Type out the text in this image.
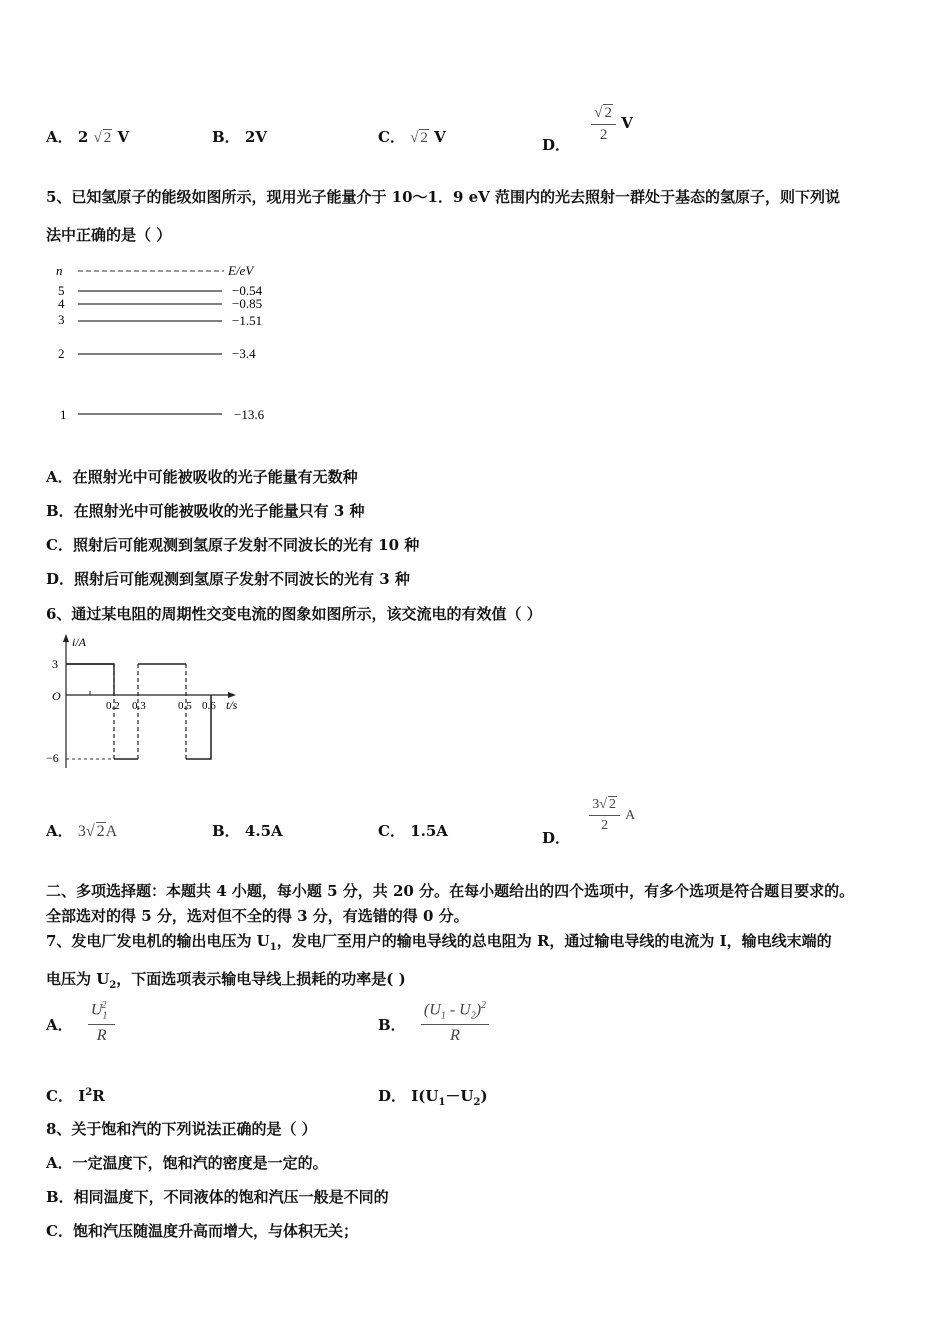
A． 2 √ 2 V	B． 2V	C． √ 2 V	D．
$\frac{√ 2}{2}$ V
5、已知氢原子的能级如图所示，现用光子能量介于 10～1．9 eV 范围内的光去照射一群处于基态的氢原子，则下列说
法中正确的是（ ）
n	E/eV
5	−0.54
4	−0.85
3	−1.51
2	−3.4
1	−13.6
A．在照射光中可能被吸收的光子能量有无数种
B．在照射光中可能被吸收的光子能量只有 3 种
C．照射后可能观测到氢原子发射不同波长的光有 10 种
D．照射后可能观测到氢原子发射不同波长的光有 3 种
6、通过某电阻的周期性交变电流的图象如图所示，该交流电的有效值（ ）
i/A
t/s
O
3
−6
0.2 0.3	0.5 0.6
A． 3√ 2A	B． 4.5A	C． 1.5A	D．
$\frac{3√ 2}{2}$ A
二、多项选择题：本题共 4 小题，每小题 5 分，共 20 分。在每小题给出的四个选项中，有多个选项是符合题目要求的。
全部选对的得 5 分，选对但不全的得 3 分，有选错的得 0 分。
7、发电厂发电机的输出电压为 $U_1$，发电厂至用户的输电导线的总电阻为 R，通过输电导线的电流为 I，输电线末端的
电压为 $U_2$，下面选项表示输电导线上损耗的功率是( )
A． $\frac{U_1^2}{R}$	B． $\frac{(U_1 - U_2)^2}{R}$
C． $I^2R$	D． $I(U_1-U_2)$
8、关于饱和汽的下列说法正确的是（ ）
A．一定温度下，饱和汽的密度是一定的。
B．相同温度下，不同液体的饱和汽压一般是不同的
C．饱和汽压随温度升高而增大，与体积无关；
